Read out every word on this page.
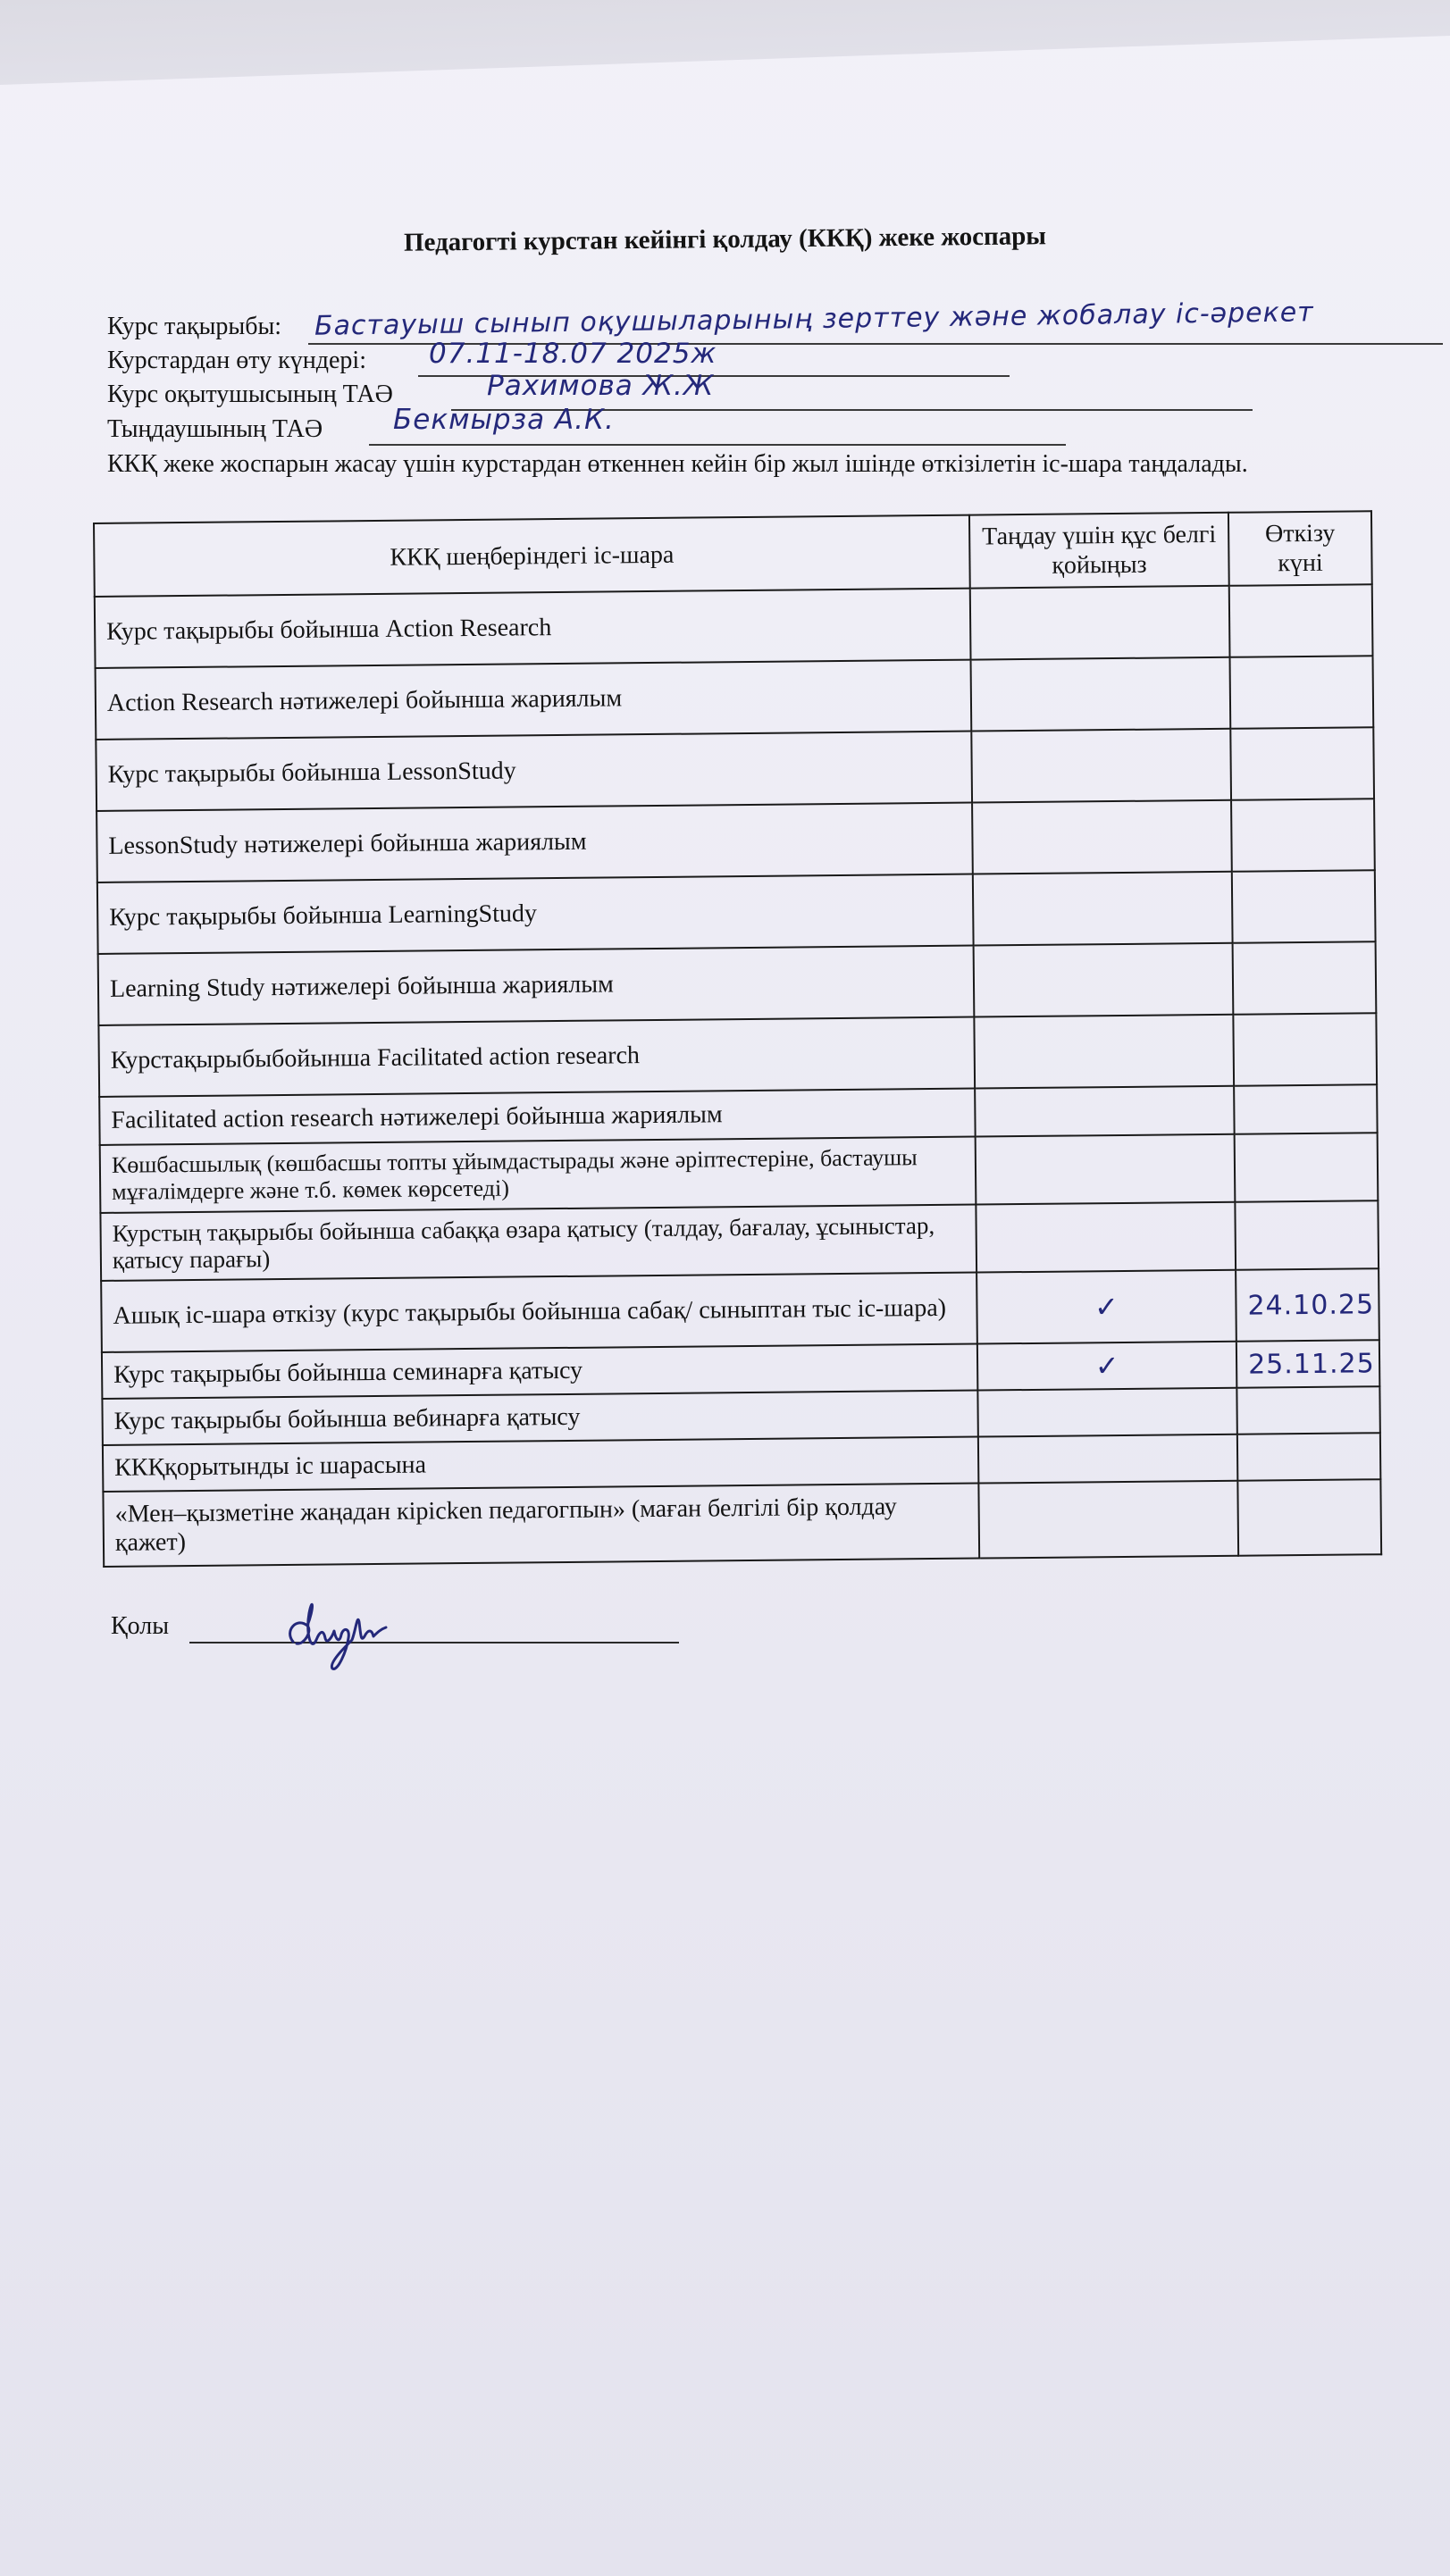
Педагогті курстан кейінгі қолдау (ККҚ) жеке жоспары
Курс тақырыбы: Бастауыш сынып оқушыларының зерттеу және жобалау іс-әрекет
Курстардан өту күндері: 07.11-18.07 2025ж
Курс оқытушысының ТАӘ	Рахимова Ж.Ж
Тыңдаушының ТАӘ	Бекмырза А.К.
ККҚ жеке жоспарын жасау үшін курстардан өткеннен кейін бір жыл ішінде өткізілетін іс-шара таңдалады.
ККҚ шеңберіндегі іс-шара	Таңдау үшін құс белгі қойыңыз	Өткізу күні
Курс тақырыбы бойынша Action Research		
Action Research нәтижелері бойынша жариялым		
Курс тақырыбы бойынша LessonStudy		
LessonStudy нәтижелері бойынша жариялым		
Курс тақырыбы бойынша LearningStudy		
Learning Study нәтижелері бойынша жариялым		
Курстақырыбыбойынша Facilitated action research		
Facilitated action research нәтижелері бойынша жариялым		
Көшбасшылық (көшбасшы топты ұйымдастырады және әріптестеріне, бастаушы мұғалімдерге және т.б. көмек көрсетеді)		
Курстың тақырыбы бойынша сабаққа өзара қатысу (талдау, бағалау, ұсыныстар, қатысу парағы)		
Ашық іс-шара өткізу (курс тақырыбы бойынша сабақ/ сыныптан тыс іс-шара)	✓	24.10.25
Курс тақырыбы бойынша семинарға қатысу	✓	25.11.25
Курс тақырыбы бойынша вебинарға қатысу		
ККҚқорытынды іс шарасына		
«Мен–қызметіне жаңадан кірісken педагогпын» (маған белгілі бір қолдау қажет)		
Қолы
